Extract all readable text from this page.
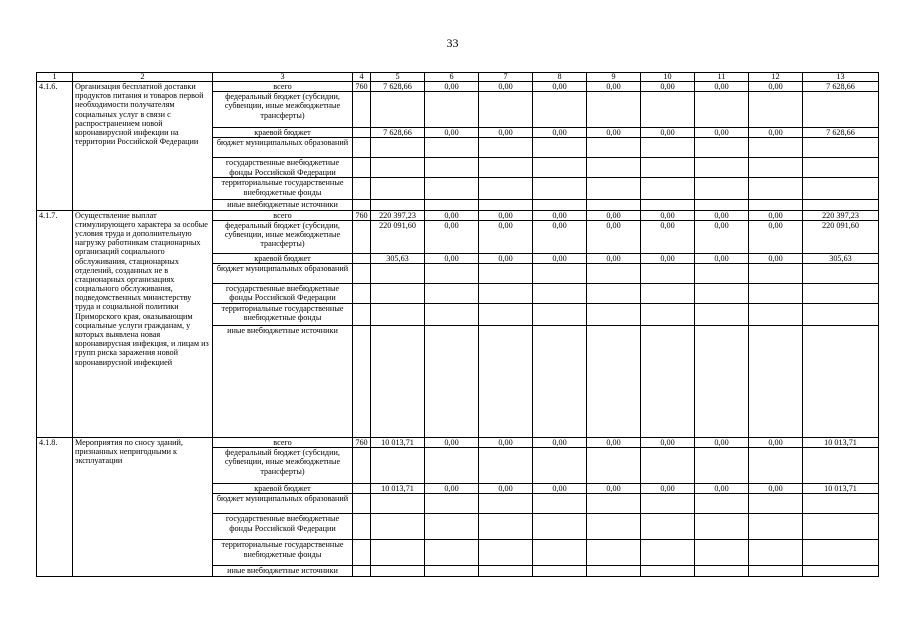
33
1	2	3	4	5	6	7	8	9	10	11	12	13
4.1.6.	Организация бесплатной доставки продуктов питания и товаров первой необходимости получателям социальных услуг в связи с распространением новой коронавирусной инфекции на территории Российской Федерации	всего	760	7 628,66	0,00	0,00	0,00	0,00	0,00	0,00	0,00	7 628,66
		федеральный бюджет (субсидии, субвенции, иные межбюджетные трансферты)										
		краевой бюджет		7 628,66	0,00	0,00	0,00	0,00	0,00	0,00	0,00	7 628,66
		бюджет муниципальных образований										
		государственные внебюджетные фонды Российской Федерации										
		территориальные государственные внебюджетные фонды										
		иные внебюджетные источники										
4.1.7.	Осуществление выплат стимулирующего характера за особые условия труда и дополнительную нагрузку работникам стационарных организаций социального обслуживания, стационарных отделений, созданных не в стационарных организациях социального обслуживания, подведомственных министерству труда и социальной политики Приморского края, оказывающим социальные услуги гражданам, у которых выявлена новая коронавирусная инфекция, и лицам из групп риска заражения новой коронавирусной инфекцией	всего	760	220 397,23	0,00	0,00	0,00	0,00	0,00	0,00	0,00	220 397,23
		федеральный бюджет (субсидии, субвенции, иные межбюджетные трансферты)		220 091,60	0,00	0,00	0,00	0,00	0,00	0,00	0,00	220 091,60
		краевой бюджет		305,63	0,00	0,00	0,00	0,00	0,00	0,00	0,00	305,63
		бюджет муниципальных образований										
		государственные внебюджетные фонды Российской Федерации										
		территориальные государственные внебюджетные фонды										
		иные внебюджетные источники										
4.1.8.	Мероприятия по сносу зданий, признанных непригодными к эксплуатации	всего	760	10 013,71	0,00	0,00	0,00	0,00	0,00	0,00	0,00	10 013,71
		федеральный бюджет (субсидии, субвенции, иные межбюджетные трансферты)										
		краевой бюджет		10 013,71	0,00	0,00	0,00	0,00	0,00	0,00	0,00	10 013,71
		бюджет муниципальных образований										
		государственные внебюджетные фонды Российской Федерации										
		территориальные государственные внебюджетные фонды										
		иные внебюджетные источники										
